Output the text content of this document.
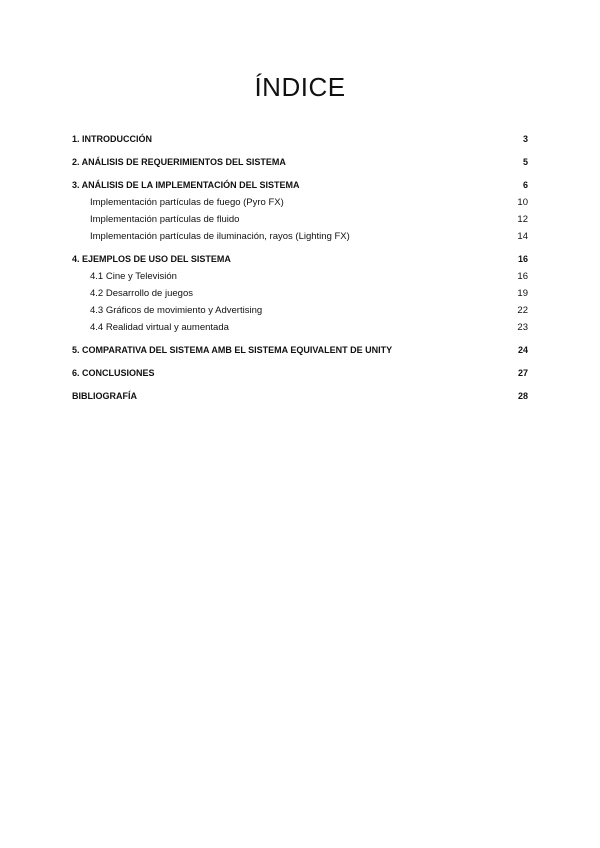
ÍNDICE
1. INTRODUCCIÓN	3
2. ANÁLISIS DE REQUERIMIENTOS DEL SISTEMA	5
3. ANÁLISIS DE LA IMPLEMENTACIÓN DEL SISTEMA	6
Implementación partículas de fuego (Pyro FX)	10
Implementación partículas de fluido	12
Implementación partículas de iluminación, rayos (Lighting FX)	14
4. EJEMPLOS DE USO DEL SISTEMA	16
4.1 Cine y Televisión	16
4.2 Desarrollo de juegos	19
4.3 Gráficos de movimiento y Advertising	22
4.4 Realidad virtual y aumentada	23
5. COMPARATIVA DEL SISTEMA AMB EL SISTEMA EQUIVALENT DE UNITY	24
6. CONCLUSIONES	27
BIBLIOGRAFÍA	28
